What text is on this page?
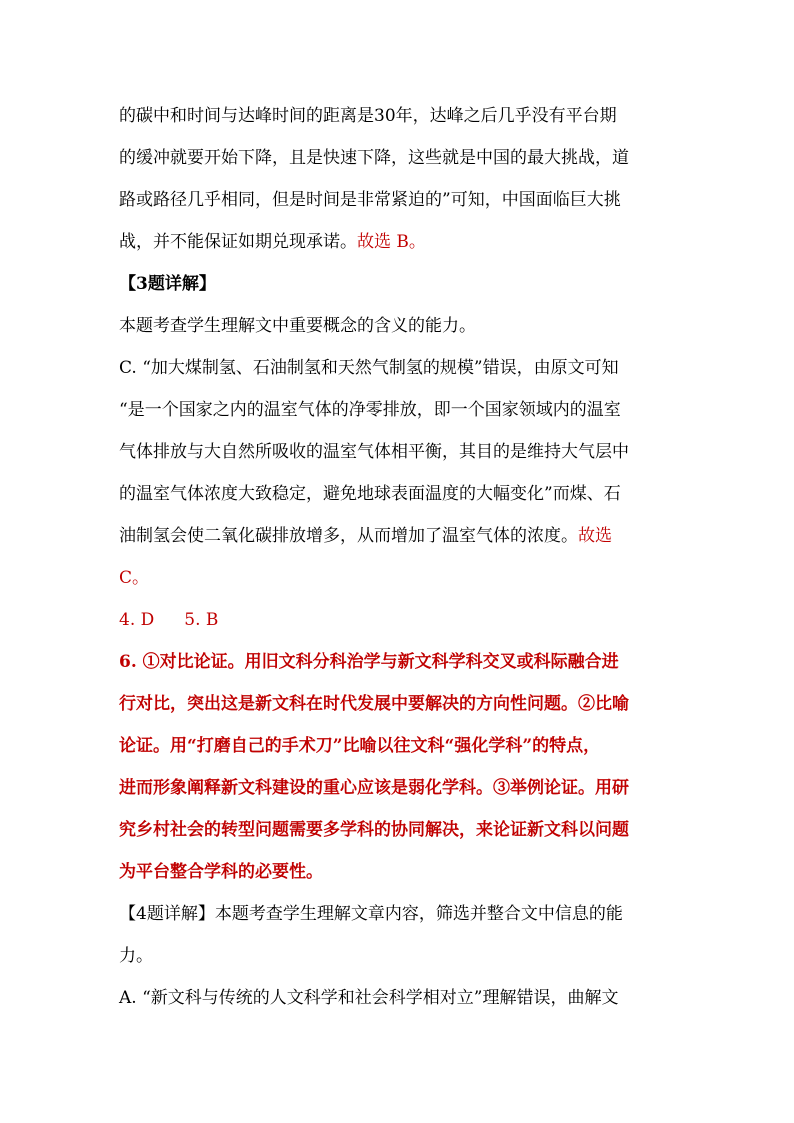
的碳中和时间与达峰时间的距离是30年，达峰之后几乎没有平台期
的缓冲就要开始下降，且是快速下降，这些就是中国的最大挑战，道
路或路径几乎相同，但是时间是非常紧迫的”可知，中国面临巨大挑
战，并不能保证如期兑现承诺。故选 B。
【3题详解】
本题考查学生理解文中重要概念的含义的能力。
C. “加大煤制氢、石油制氢和天然气制氢的规模”错误，由原文可知
“是一个国家之内的温室气体的净零排放，即一个国家领域内的温室
气体排放与大自然所吸收的温室气体相平衡，其目的是维持大气层中
的温室气体浓度大致稳定，避免地球表面温度的大幅变化”而煤、石
油制氢会使二氧化碳排放增多，从而增加了温室气体的浓度。故选
C。
4. D 5. B
6. ①对比论证。用旧文科分科治学与新文科学科交叉或科际融合进
行对比，突出这是新文科在时代发展中要解决的方向性问题。②比喻
论证。用“打磨自己的手术刀”比喻以往文科“强化学科”的特点，
进而形象阐释新文科建设的重心应该是弱化学科。③举例论证。用研
究乡村社会的转型问题需要多学科的协同解决，来论证新文科以问题
为平台整合学科的必要性。
【4题详解】本题考查学生理解文章内容，筛选并整合文中信息的能
力。
A. “新文科与传统的人文科学和社会科学相对立”理解错误，曲解文
